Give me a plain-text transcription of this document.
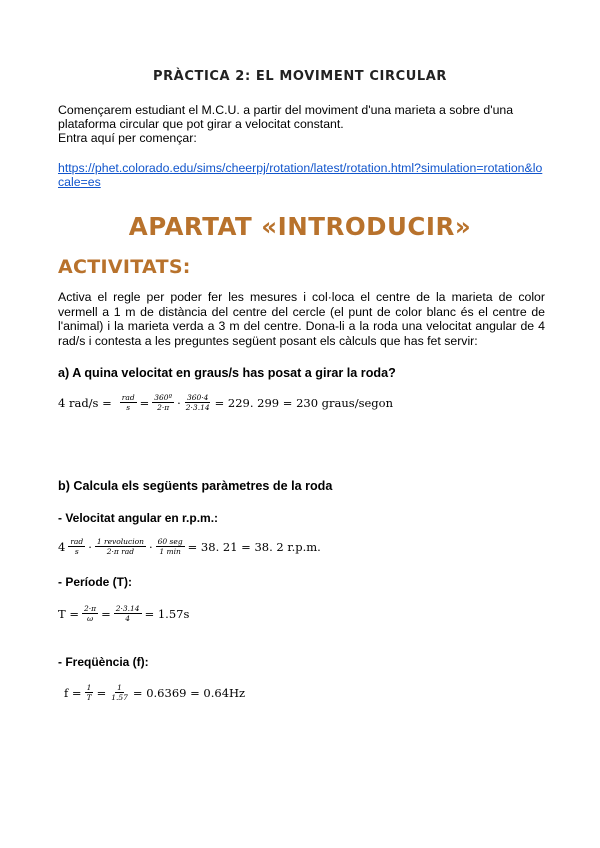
PRÀCTICA 2: EL MOVIMENT CIRCULAR

Començarem estudiant el M.C.U. a partir del moviment d'una marieta a sobre d'una plataforma circular que pot girar a velocitat constant.

Entra aquí per començar:

https://phet.colorado.edu/sims/cheerpj/rotation/latest/rotation.html?simulation=rotation&locale=es
APARTAT «INTRODUCIR»
ACTIVITATS:
Activa el regle per poder fer les mesures i col·loca el centre de la marieta de color vermell a 1 m de distància del centre del cercle (el punt de color blanc és el centre de l'animal) i la marieta verda a 3 m del centre. Dona-li a la roda una velocitat angular de 4 rad/s i contesta a les preguntes següent posant els càlculs que has fet servir:
a) A quina velocitat en graus/s has posat a girar la roda?
4 $rad/s = \frac{\text{rad}}{s} = \frac{\text{360º}}{2\cdot\pi} \cdot \frac{360\cdot 4}{2\cdot 3.14} = 229$. 299 = 230 graus/segon
b) Calcula els següents paràmetres de la roda
- Velocitat angular en r.p.m.:
$4 \frac{\text{rad}}{s} \cdot \frac{\text{1 revolucion}}{\text{2·π rad}} \cdot \frac{\text{60 seg}}{1 \min} = 38$. 21 = 38. 2 r.p.m.
- Període (T):
$T = \frac{2\cdot\pi}{\omega} = \frac{2\cdot 3.14}{4} = 1.57s$
- Freqüència (f):
$f = \frac{1}{T} = \frac{1}{1.57} = 0.6369 = 0.64Hz$
